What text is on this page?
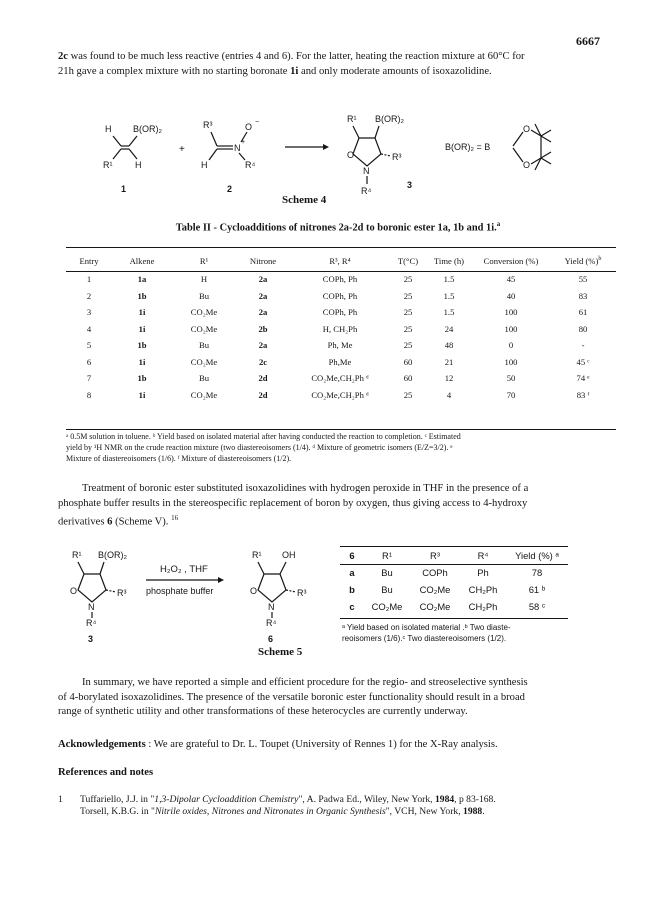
6667
2c was found to be much less reactive (entries 4 and 6). For the latter, heating the reaction mixture at 60°C for
21h gave a complex mixture with no starting boronate 1i and only moderate amounts of isoxazolidine.
H B(OR)₂
R¹	H
1
+
R³
N
+
O −
H	R⁴
2
R¹ B(OR)₂
O
N
R³
R⁴
3
B(OR)₂ = B
O
O
Scheme 4
Table II - Cycloadditions of nitrones 2a-2d to boronic ester 1a, 1b and 1i.$^a$
Entry	Alkene	R¹	Nitrone	R³, R⁴	T(°C)	Time (h)	Conversion (%)	Yield (%)$^b$
1	1a	H	2a	COPh, Ph	25	1.5	45	55
2	1b	Bu	2a	COPh, Ph	25	1.5	40	83
3	1i	CO₂Me	2a	COPh, Ph	25	1.5	100	61
4	1i	CO₂Me	2b	H, CH₂Ph	25	24	100	80
5	1b	Bu	2a	Ph, Me	25	48	0	-
6	1i	CO₂Me	2c	Ph,Me	60	21	100	45 ᶜ
7	1b	Bu	2d	CO₂Me,CH₂Ph ᵈ	60	12	50	74 ᵉ
8	1i	CO₂Me	2d	CO₂Me,CH₂Ph ᵈ	25	4	70	83 ᶠ
ᵃ 0.5M solution in toluene. ᵇ Yield based on isolated material after having conducted the reaction to completion. ᶜ Estimated
yield by ¹H NMR on the crude reaction mixture (two diastereoisomers (1/4). ᵈ Mixture of geometric isomers (E/Z=3/2). ᵉ
Mixture of diastereoisomers (1/6). ᶠ Mixture of diastereoisomers (1/2).
Treatment of boronic ester substituted isoxazolidines with hydrogen peroxide in THF in the presence of a
phosphate buffer results in the stereospecific replacement of boron by oxygen, thus giving access to 4-hydroxy
derivatives 6 (Scheme V). $^{16}$
R¹ B(OR)₂
O
N
R³
R⁴
3
H₂O₂ , THF
phosphate buffer
R¹ OH
O
N
R³
R⁴
6
Scheme 5
6	R¹	R³	R⁴	Yield (%) ᵃ
a	Bu	COPh	Ph	78
b	Bu	CO₂Me	CH₂Ph	61 ᵇ
c	CO₂Me	CO₂Me	CH₂Ph	58 ᶜ
ᵃ Yield based on isolated material .ᵇ Two diaste-
reoisomers (1/6).ᶜ Two diastereoisomers (1/2).
In summary, we have reported a simple and efficient procedure for the regio- and streoselective synthesis
of 4-borylated isoxazolidines. The presence of the versatile boronic ester functionality should result in a broad
range of synthetic utility and other transformations of these heterocycles are currently underway.
Acknowledgements : We are grateful to Dr. L. Toupet (University of Rennes 1) for the X-Ray analysis.
References and notes
1	Tuffariello, J.J. in "1,3-Dipolar Cycloaddition Chemistry", A. Padwa Ed., Wiley, New York, 1984, p 83-168.
Torsell, K.B.G. in "Nitrile oxides, Nitrones and Nitronates in Organic Synthesis", VCH, New York, 1988.
